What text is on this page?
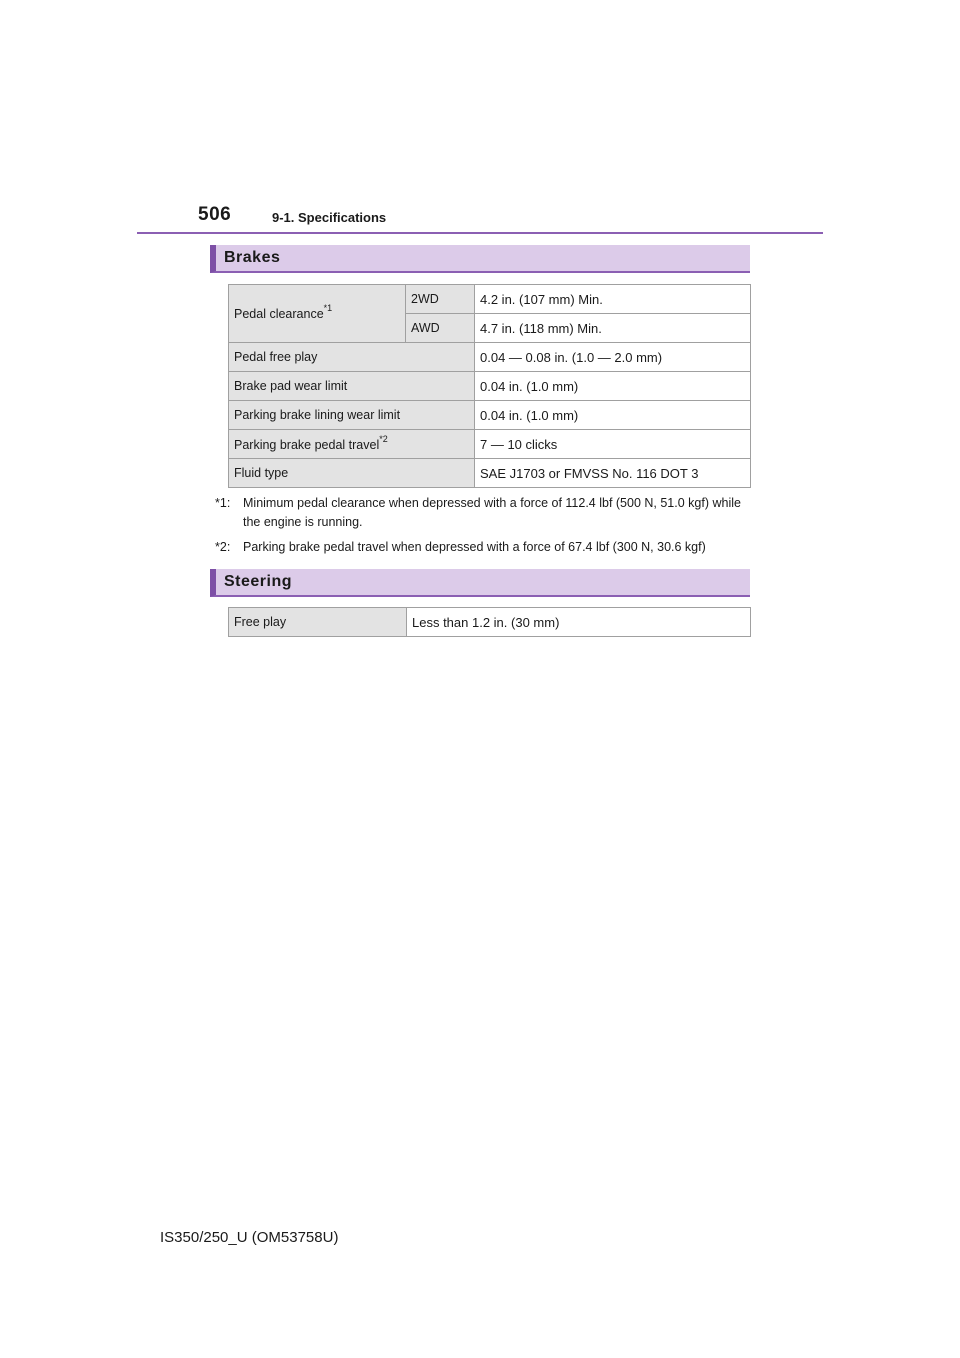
506	9-1. Specifications
Brakes
Pedal clearance$^{*1}$	2WD	4.2 in. (107 mm) Min.
	AWD	4.7 in. (118 mm) Min.
Pedal free play		0.04 — 0.08 in. (1.0 — 2.0 mm)
Brake pad wear limit		0.04 in. (1.0 mm)
Parking brake lining wear limit		0.04 in. (1.0 mm)
Parking brake pedal travel$^{*2}$		7 — 10 clicks
Fluid type		SAE J1703 or FMVSS No. 116 DOT 3
*1: Minimum pedal clearance when depressed with a force of 112.4 lbf (500 N, 51.0 kgf) while the engine is running.
*2: Parking brake pedal travel when depressed with a force of 67.4 lbf (300 N, 30.6 kgf)
Steering
Free play	Less than 1.2 in. (30 mm)
IS350/250_U (OM53758U)
